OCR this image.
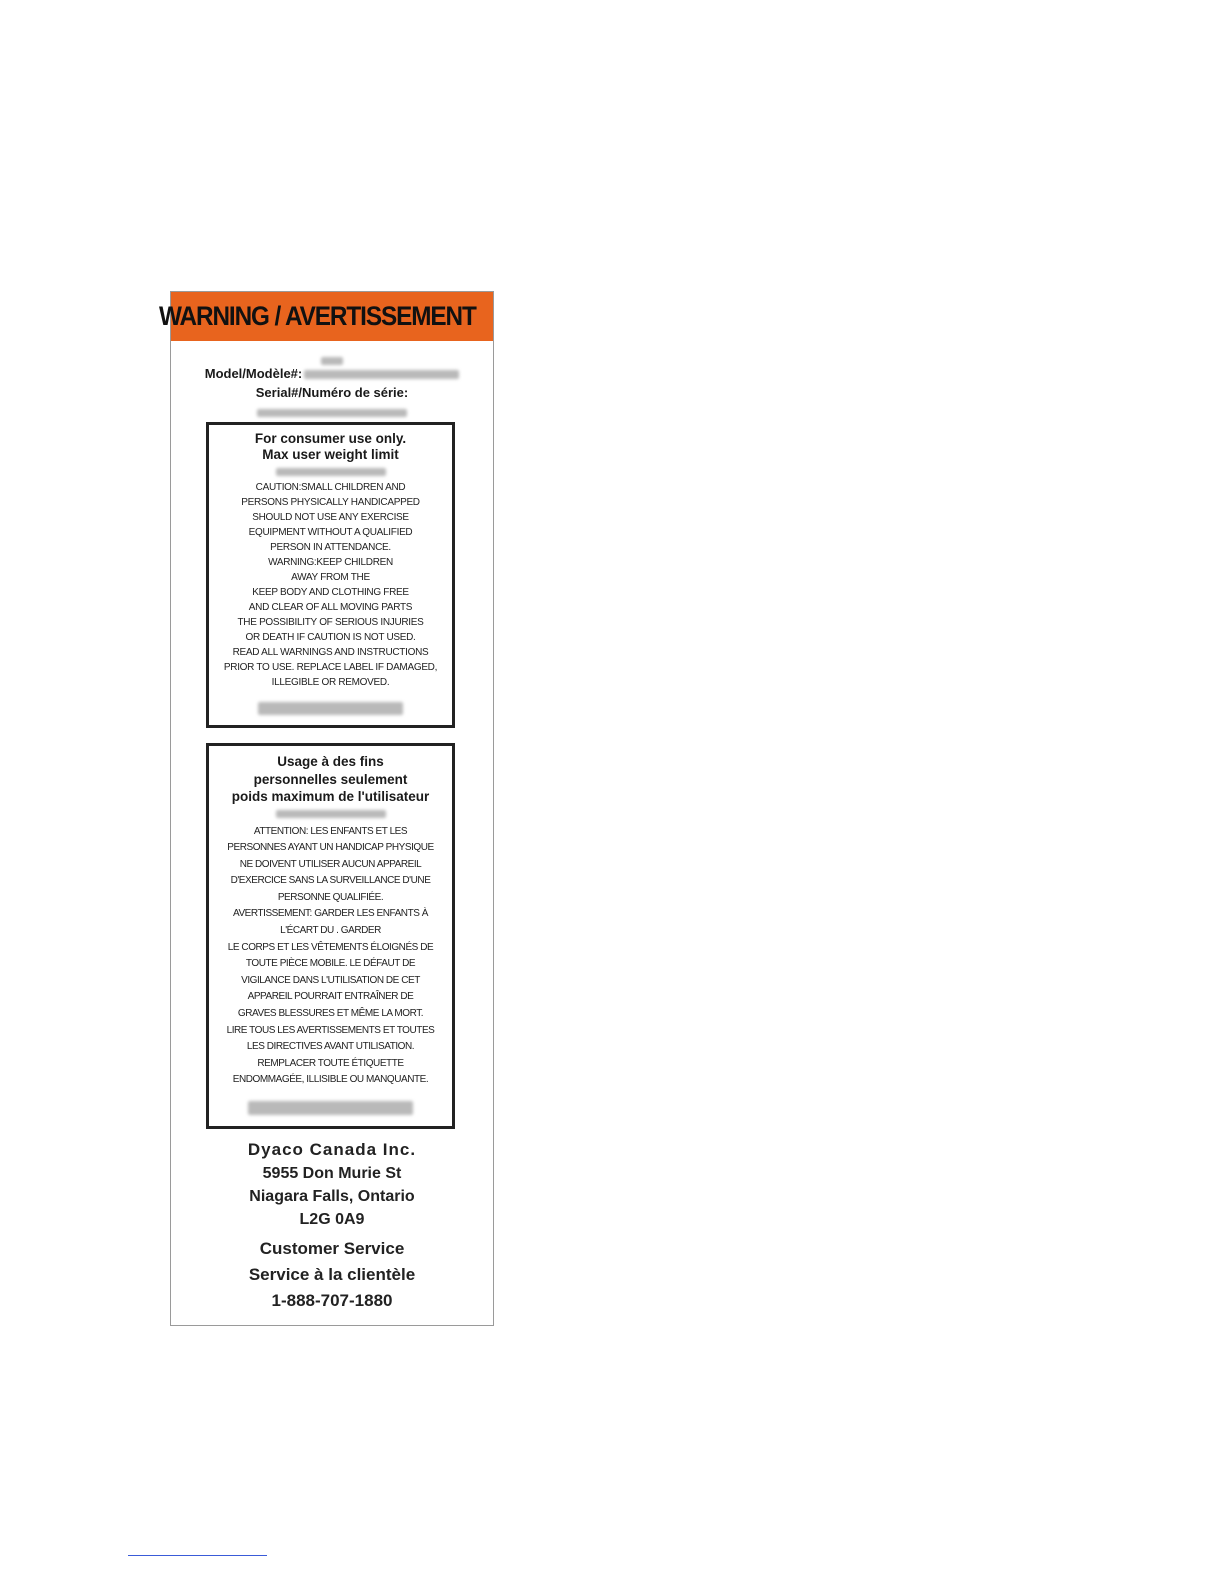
WARNING / AVERTISSEMENT
Model/Modèle#:
Serial#/Numéro de série:
For consumer use only.
Max user weight limit
CAUTION:SMALL CHILDREN AND
PERSONS PHYSICALLY HANDICAPPED
SHOULD NOT USE ANY EXERCISE
EQUIPMENT WITHOUT A QUALIFIED
PERSON IN ATTENDANCE.
WARNING:KEEP CHILDREN
AWAY FROM THE
KEEP BODY AND CLOTHING FREE
AND CLEAR OF ALL MOVING PARTS
THE POSSIBILITY OF SERIOUS INJURIES
OR DEATH IF CAUTION IS NOT USED.
READ ALL WARNINGS AND INSTRUCTIONS
PRIOR TO USE. REPLACE LABEL IF DAMAGED,
ILLEGIBLE OR REMOVED.
Usage à des fins
personnelles seulement
poids maximum de l'utilisateur
ATTENTION: LES ENFANTS ET LES
PERSONNES AYANT UN HANDICAP PHYSIQUE
NE DOIVENT UTILISER AUCUN APPAREIL
D'EXERCICE SANS LA SURVEILLANCE D'UNE
PERSONNE QUALIFIÉE.
AVERTISSEMENT: GARDER LES ENFANTS À
L'ÉCART DU . GARDER
LE CORPS ET LES VÊTEMENTS ÉLOIGNÉS DE
TOUTE PIÈCE MOBILE. LE DÉFAUT DE
VIGILANCE DANS L'UTILISATION DE CET
APPAREIL POURRAIT ENTRAÎNER DE
GRAVES BLESSURES ET MÊME LA MORT.
LIRE TOUS LES AVERTISSEMENTS ET TOUTES
LES DIRECTIVES AVANT UTILISATION.
REMPLACER TOUTE ÉTIQUETTE
ENDOMMAGÉE, ILLISIBLE OU MANQUANTE.
Dyaco Canada Inc.
5955 Don Murie St
Niagara Falls, Ontario
L2G 0A9
Customer Service
Service à la clientèle
1-888-707-1880
